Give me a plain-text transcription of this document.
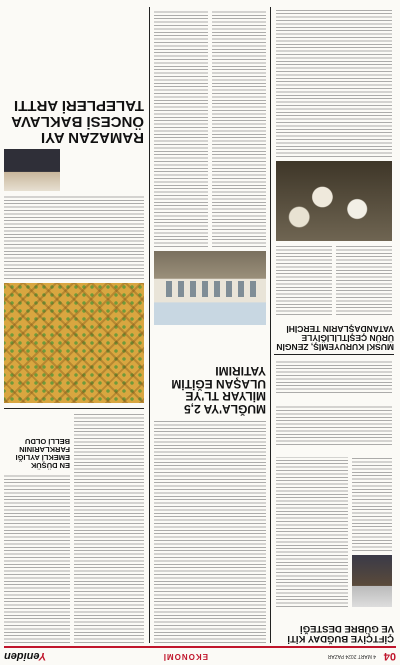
04
4 MART 2024 PAZAR
EKONOMİ
Yeniden
ÇİFTÇİYE BUĞDAY KİTİ VE GÜBRE DESTEĞİ
MUSKİ KURUYEMİŞ, ZENGİN ÜRÜN ÇEŞİTLİLİĞİYLE VATANDAŞLARIN TERCİHİ
MUĞLA'YA 2,5 MİLYAR TL'YE ULAŞAN EĞİTİM YATIRIMI
RAMAZAN AYI ÖNCESİ BAKLAVA TALEPLERİ ARTTI
EN DÜŞÜK EMEKLİ AYLIĞI FARKLARININ BELLİ OLDU
